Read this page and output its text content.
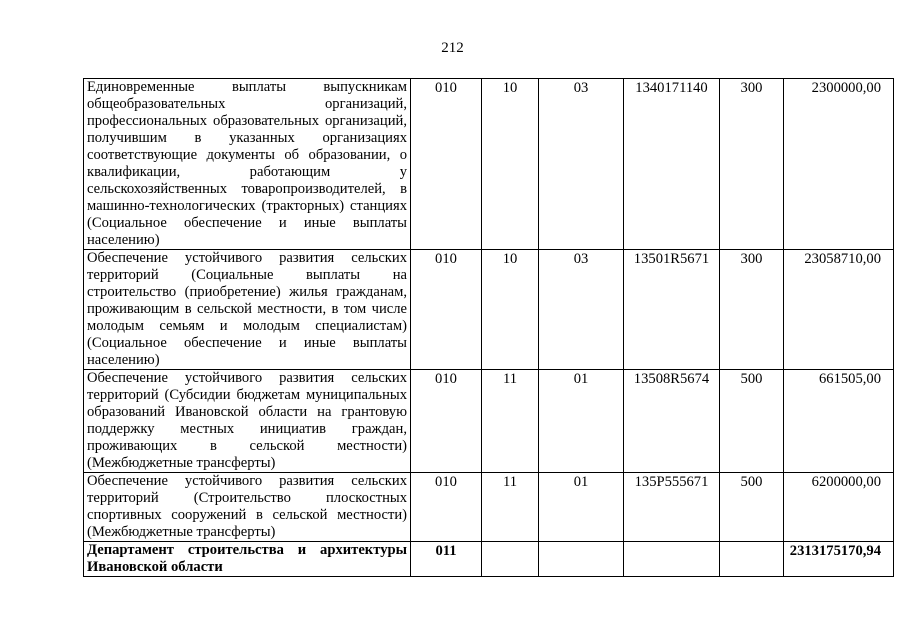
212
Единовременные выплаты выпускникам общеобразовательных организаций, профессиональных образовательных организаций, получившим в указанных организациях соответствующие документы об образовании, о квалификации, работающим у сельскохозяйственных товаропроизводителей, в машинно-технологических (тракторных) станциях (Социальное обеспечение и иные выплаты населению)	010	10	03	1340171140	300	2300000,00
Обеспечение устойчивого развития сельских территорий (Социальные выплаты на строительство (приобретение) жилья гражданам, проживающим в сельской местности, в том числе молодым семьям и молодым специалистам) (Социальное обеспечение и иные выплаты населению)	010	10	03	13501R5671	300	23058710,00
Обеспечение устойчивого развития сельских территорий (Субсидии бюджетам муниципальных образований Ивановской области на грантовую поддержку местных инициатив граждан, проживающих в сельской местности) (Межбюджетные трансферты)	010	11	01	13508R5674	500	661505,00
Обеспечение устойчивого развития сельских территорий (Строительство плоскостных спортивных сооружений в сельской местности) (Межбюджетные трансферты)	010	11	01	135P555671	500	6200000,00
Департамент строительства и архитектуры Ивановской области	011					2313175170,94
